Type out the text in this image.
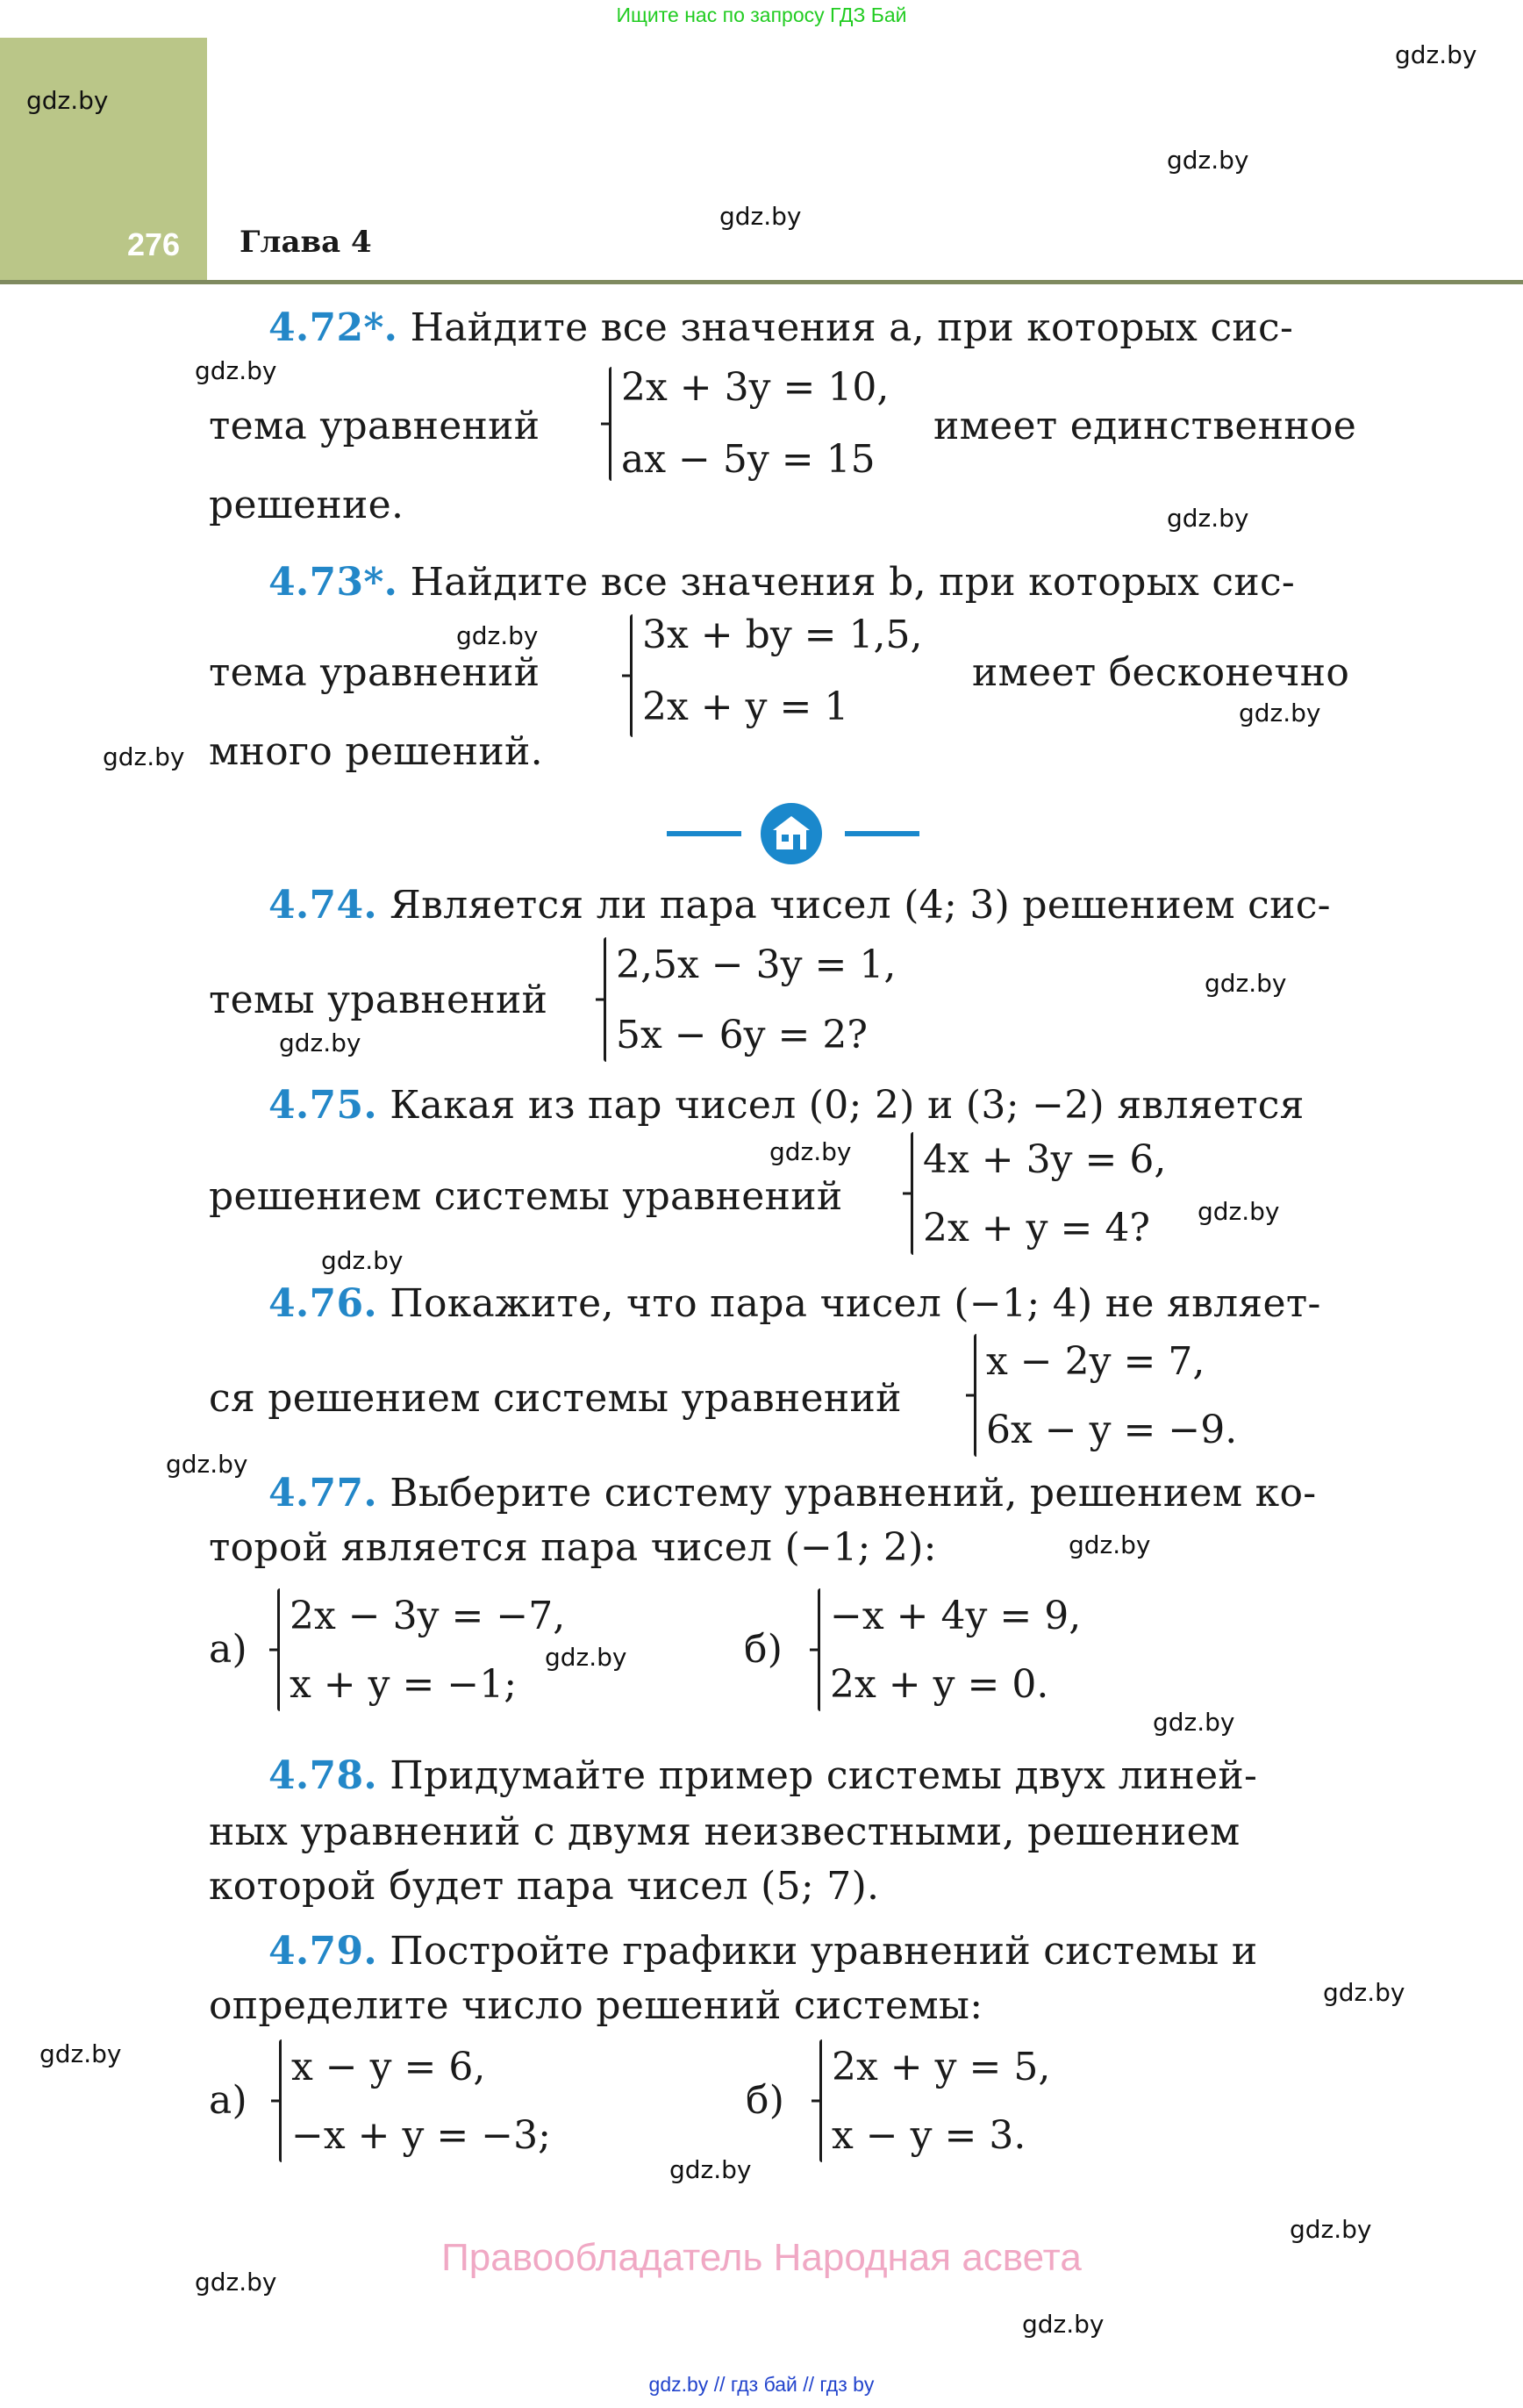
Ищите нас по запросу ГДЗ Бай
276 Глава 4
4.72*. Найдите все значения a, при которых сис-
тема уравнений
2x + 3y = 10,
ax − 5y = 15
имеет единственное
решение.
4.73*. Найдите все значения b, при которых сис-
тема уравнений
3x + by = 1,5,
2x + y = 1
имеет бесконечно
много решений.
4.74. Является ли пара чисел (4; 3) решением сис-
темы уравнений
2,5x − 3y = 1,
5x − 6y = 2?
4.75. Какая из пар чисел (0; 2) и (3; −2) является
решением системы уравнений
4x + 3y = 6,
2x + y = 4?
4.76. Покажите, что пара чисел (−1; 4) не являет-
ся решением системы уравнений
x − 2y = 7,
6x − y = −9.
4.77. Выберите систему уравнений, решением ко-
торой является пара чисел (−1; 2):
а)
2x − 3y = −7,
x + y = −1;
б)
−x + 4y = 9,
2x + y = 0.
4.78. Придумайте пример системы двух линей-
ных уравнений с двумя неизвестными, решением
которой будет пара чисел (5; 7).
4.79. Постройте графики уравнений системы и
определите число решений системы:
а)
x − y = 6,
−x + y = −3;
б)
2x + y = 5,
x − y = 3.
gdz.by
gdz.by
gdz.by
gdz.by
gdz.by
gdz.by
gdz.by
gdz.by
gdz.by
gdz.by
gdz.by
gdz.by
gdz.by
gdz.by
gdz.by
gdz.by
gdz.by
gdz.by
gdz.by
gdz.by
gdz.by
gdz.by
gdz.by
gdz.by
Правообладатель Народная асвета
gdz.by // гдз бай // гдз by
